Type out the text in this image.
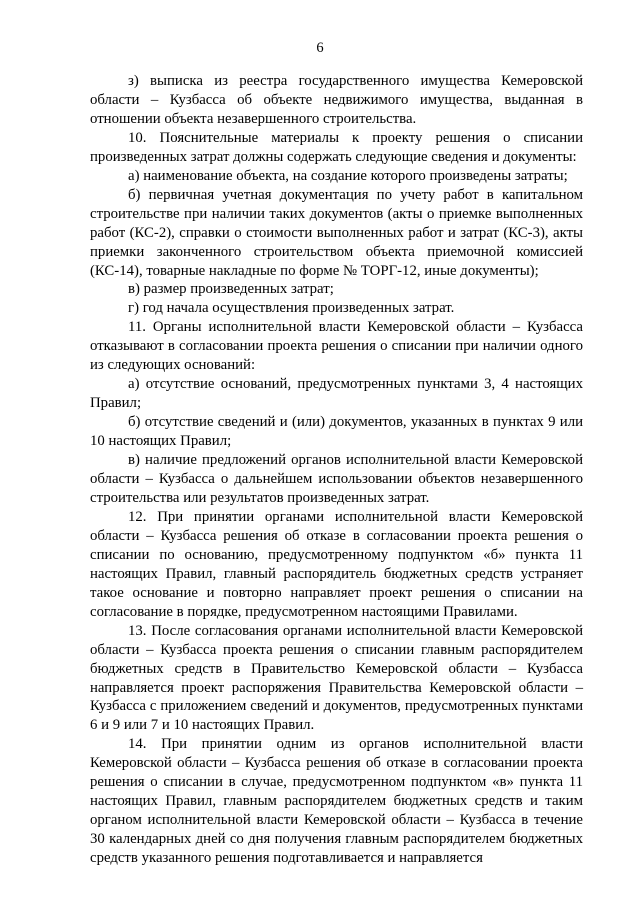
6

з) выписка из реестра государственного имущества Кемеровской области – Кузбасса об объекте недвижимого имущества, выданная в отношении объекта незавершенного строительства.

10. Пояснительные материалы к проекту решения о списании произведенных затрат должны содержать следующие сведения и документы:

а) наименование объекта, на создание которого произведены затраты;

б) первичная учетная документация по учету работ в капитальном строительстве при наличии таких документов (акты о приемке выполненных работ (КС-2), справки о стоимости выполненных работ и затрат (КС-3), акты приемки законченного строительством объекта приемочной комиссией (КС-14), товарные накладные по форме № ТОРГ-12, иные документы);

в) размер произведенных затрат;

г) год начала осуществления произведенных затрат.

11. Органы исполнительной власти Кемеровской области – Кузбасса отказывают в согласовании проекта решения о списании при наличии одного из следующих оснований:

а) отсутствие оснований, предусмотренных пунктами 3, 4 настоящих Правил;

б) отсутствие сведений и (или) документов, указанных в пунктах 9 или 10 настоящих Правил;

в) наличие предложений органов исполнительной власти Кемеровской области – Кузбасса о дальнейшем использовании объектов незавершенного строительства или результатов произведенных затрат.

12. При принятии органами исполнительной власти Кемеровской области – Кузбасса решения об отказе в согласовании проекта решения о списании по основанию, предусмотренному подпунктом «б» пункта 11 настоящих Правил, главный распорядитель бюджетных средств устраняет такое основание и повторно направляет проект решения о списании на согласование в порядке, предусмотренном настоящими Правилами.

13. После согласования органами исполнительной власти Кемеровской области – Кузбасса проекта решения о списании главным распорядителем бюджетных средств в Правительство Кемеровской области – Кузбасса направляется проект распоряжения Правительства Кемеровской области – Кузбасса с приложением сведений и документов, предусмотренных пунктами 6 и 9 или 7 и 10 настоящих Правил.

14. При принятии одним из органов исполнительной власти Кемеровской области – Кузбасса решения об отказе в согласовании проекта решения о списании в случае, предусмотренном подпунктом «в» пункта 11 настоящих Правил, главным распорядителем бюджетных средств и таким органом исполнительной власти Кемеровской области – Кузбасса в течение 30 календарных дней со дня получения главным распорядителем бюджетных средств указанного решения подготавливается и направляется
